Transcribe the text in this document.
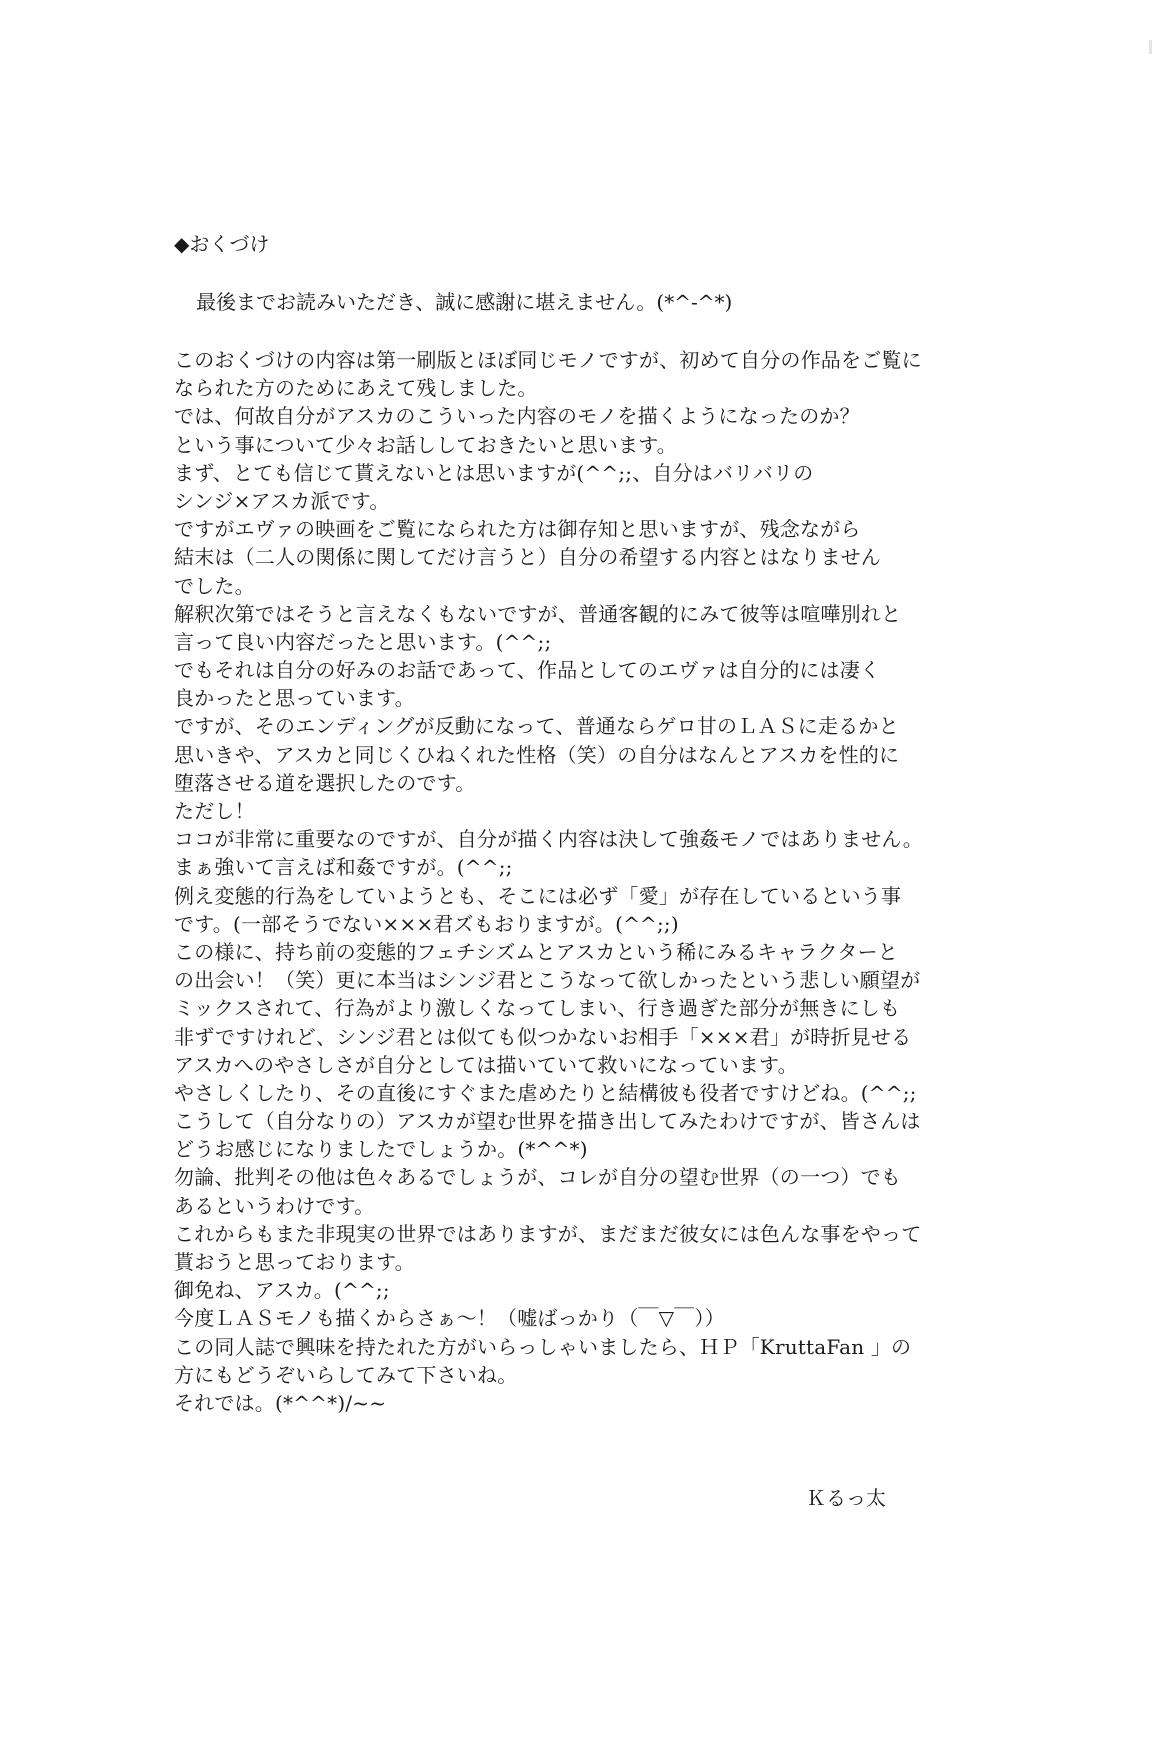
◆おくづけ
最後までお読みいただき、誠に感謝に堪えません。(*^-^*)
このおくづけの内容は第一刷版とほぼ同じモノですが、初めて自分の作品をご覧に
なられた方のためにあえて残しました。
では、何故自分がアスカのこういった内容のモノを描くようになったのか？
という事について少々お話ししておきたいと思います。
まず、とても信じて貰えないとは思いますが(^^;;、自分はバリバリの
シンジ×アスカ派です。
ですがエヴァの映画をご覧になられた方は御存知と思いますが、残念ながら
結末は（二人の関係に関してだけ言うと）自分の希望する内容とはなりません
でした。
解釈次第ではそうと言えなくもないですが、普通客観的にみて彼等は喧嘩別れと
言って良い内容だったと思います。(^^;;
でもそれは自分の好みのお話であって、作品としてのエヴァは自分的には凄く
良かったと思っています。
ですが、そのエンディングが反動になって、普通ならゲロ甘のＬＡＳに走るかと
思いきや、アスカと同じくひねくれた性格（笑）の自分はなんとアスカを性的に
堕落させる道を選択したのです。
ただし！
ココが非常に重要なのですが、自分が描く内容は決して強姦モノではありません。
まぁ強いて言えば和姦ですが。(^^;;
例え変態的行為をしていようとも、そこには必ず「愛」が存在しているという事
です。(一部そうでない×××君ズもおりますが。(^^;;)
この様に、持ち前の変態的フェチシズムとアスカという稀にみるキャラクターと
の出会い！（笑）更に本当はシンジ君とこうなって欲しかったという悲しい願望が
ミックスされて、行為がより激しくなってしまい、行き過ぎた部分が無きにしも
非ずですけれど、シンジ君とは似ても似つかないお相手「×××君」が時折見せる
アスカへのやさしさが自分としては描いていて救いになっています。
やさしくしたり、その直後にすぐまた虐めたりと結構彼も役者ですけどね。(^^;;
こうして（自分なりの）アスカが望む世界を描き出してみたわけですが、皆さんは
どうお感じになりましたでしょうか。(*^^*)
勿論、批判その他は色々あるでしょうが、コレが自分の望む世界（の一つ）でも
あるというわけです。
これからもまた非現実の世界ではありますが、まだまだ彼女には色んな事をやって
貰おうと思っております。
御免ね、アスカ。(^^;;
今度ＬＡＳモノも描くからさぁ～！（嘘ばっかり（￣▽￣））
この同人誌で興味を持たれた方がいらっしゃいましたら、ＨＰ「KruttaFan 」の
方にもどうぞいらしてみて下さいね。
それでは。(*^^*)/~~
Ｋるっ太
